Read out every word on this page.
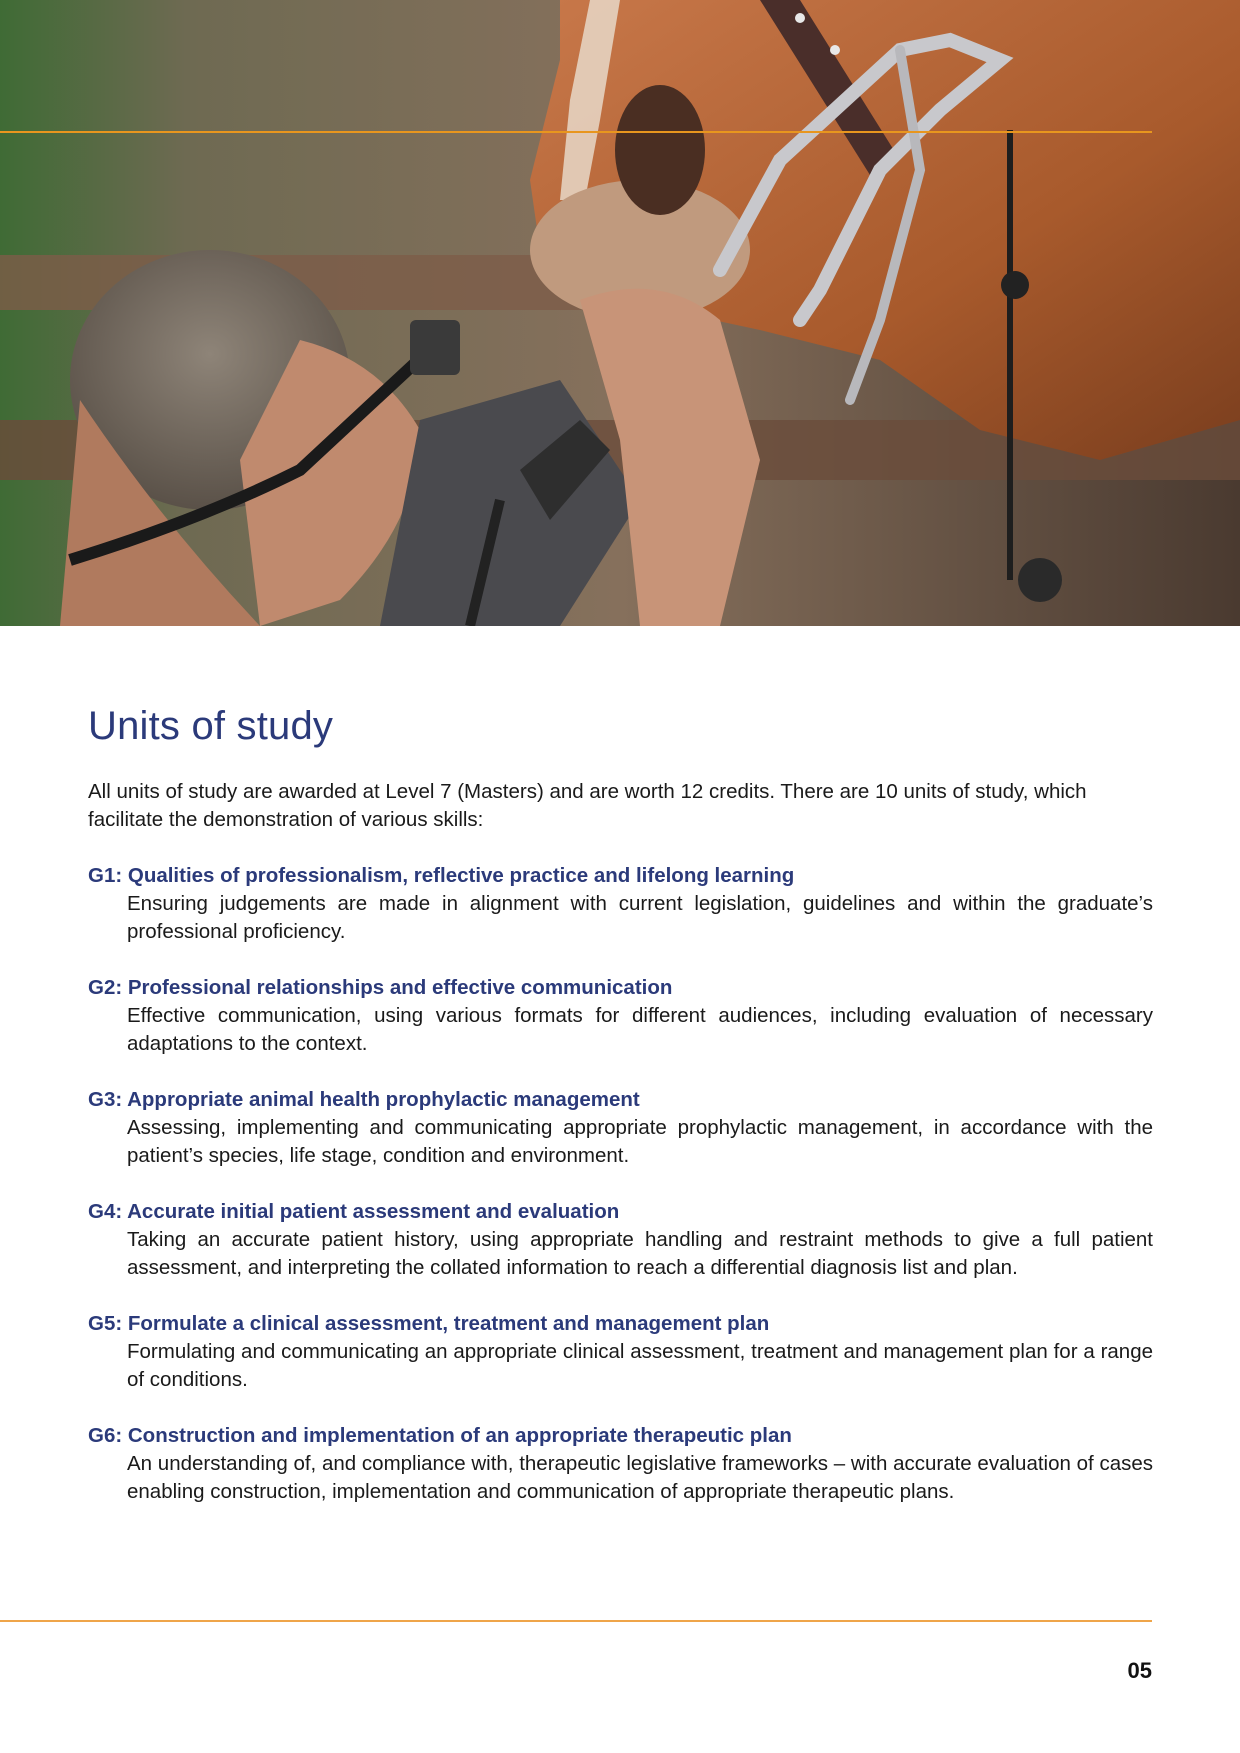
Units of study

All units of study are awarded at Level 7 (Masters) and are worth 12 credits. There are 10 units of study, which facilitate the demonstration of various skills:

G1: Qualities of professionalism, reflective practice and lifelong learning

Ensuring judgements are made in alignment with current legislation, guidelines and within the graduate’s professional proficiency.

G2: Professional relationships and effective communication

Effective communication, using various formats for different audiences, including evaluation of necessary adaptations to the context.

G3: Appropriate animal health prophylactic management

Assessing, implementing and communicating appropriate prophylactic management, in accordance with the patient’s species, life stage, condition and environment.

G4: Accurate initial patient assessment and evaluation

Taking an accurate patient history, using appropriate handling and restraint methods to give a full patient assessment, and interpreting the collated information to reach a differential diagnosis list and plan.

G5: Formulate a clinical assessment, treatment and management plan

Formulating and communicating an appropriate clinical assessment, treatment and management plan for a range of conditions.

G6: Construction and implementation of an appropriate therapeutic plan

An understanding of, and compliance with, therapeutic legislative frameworks – with accurate evaluation of cases enabling construction, implementation and communication of appropriate therapeutic plans.

05
